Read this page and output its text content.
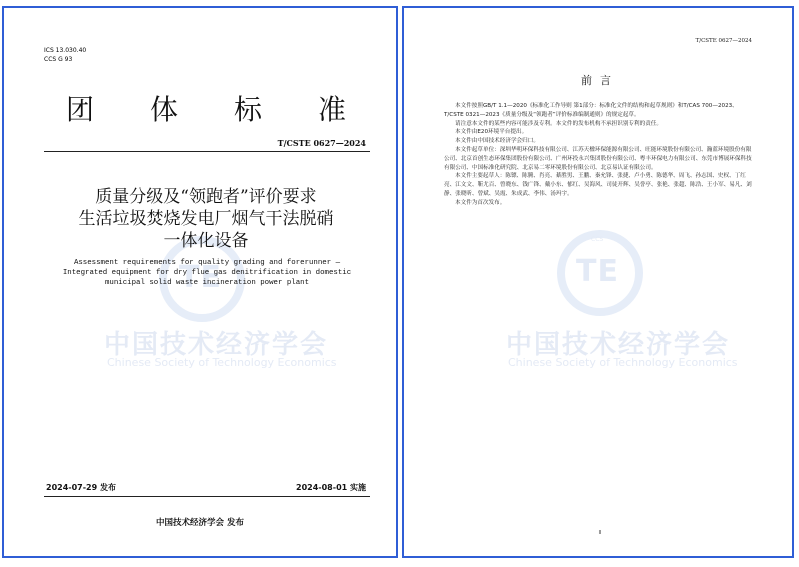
TE
中国技术经济学会
Chinese Society of Technology Economics
ICS 13.030.40
CCS G 93
团 体 标 准
T/CSTE 0627—2024
质量分级及“领跑者”评价要求
生活垃圾焚烧发电厂烟气干法脱硝
一体化设备
Assessment requirements for quality grading and forerunner —
Integrated equipment for dry flue gas denitrification in domestic
municipal solid waste incineration power plant
2024-07-29 发布	2024-08-01 实施
中国技术经济学会 发布
TE
CCS
中国技术经济学会
Chinese Society of Technology Economics
T/CSTE 0627—2024
前言

本文件按照GB/T 1.1—2020《标准化工作导则 第1部分：标准化文件的结构和起草规则》和T/CAS 700—2023、T/CSTE 0321—2023《质量分级及“领跑者”评价标准编制通则》的规定起草。

请注意本文件的某些内容可能涉及专利。本文件的发布机构不承担识别专利的责任。

本文件由E20环境平台提出。

本文件由中国技术经济学会归口。

本文件起草单位：深圳华明环保科技有限公司、江苏天楹环保能源有限公司、旺能环境股份有限公司、瀚蓝环境股份有限公司、北京首创生态环保集团股份有限公司、广州环投永兴集团股份有限公司、粤丰环保电力有限公司、东莞市博展环保科技有限公司、中国标准化研究院、北京易二零环境股份有限公司、北京易认证有限公司。

本文件主要起草人：陈镖、陈腾、肖亮、綦胜男、王鹏、秦允锋、张捷、卢小勇、陈德华、周飞、孙志国、史权、丁红亮、江文文、靳尤百、曾晓东、钱广锋、戴小东、郁红、吴海风、司徒开辉、吴誉亭、张艳、张超、陈浩、王小军、易凡、刘静、张晓昕、曾斌、吴霞、朱成武、李伟、汤玛宇。

本文件为首次发布。

II
